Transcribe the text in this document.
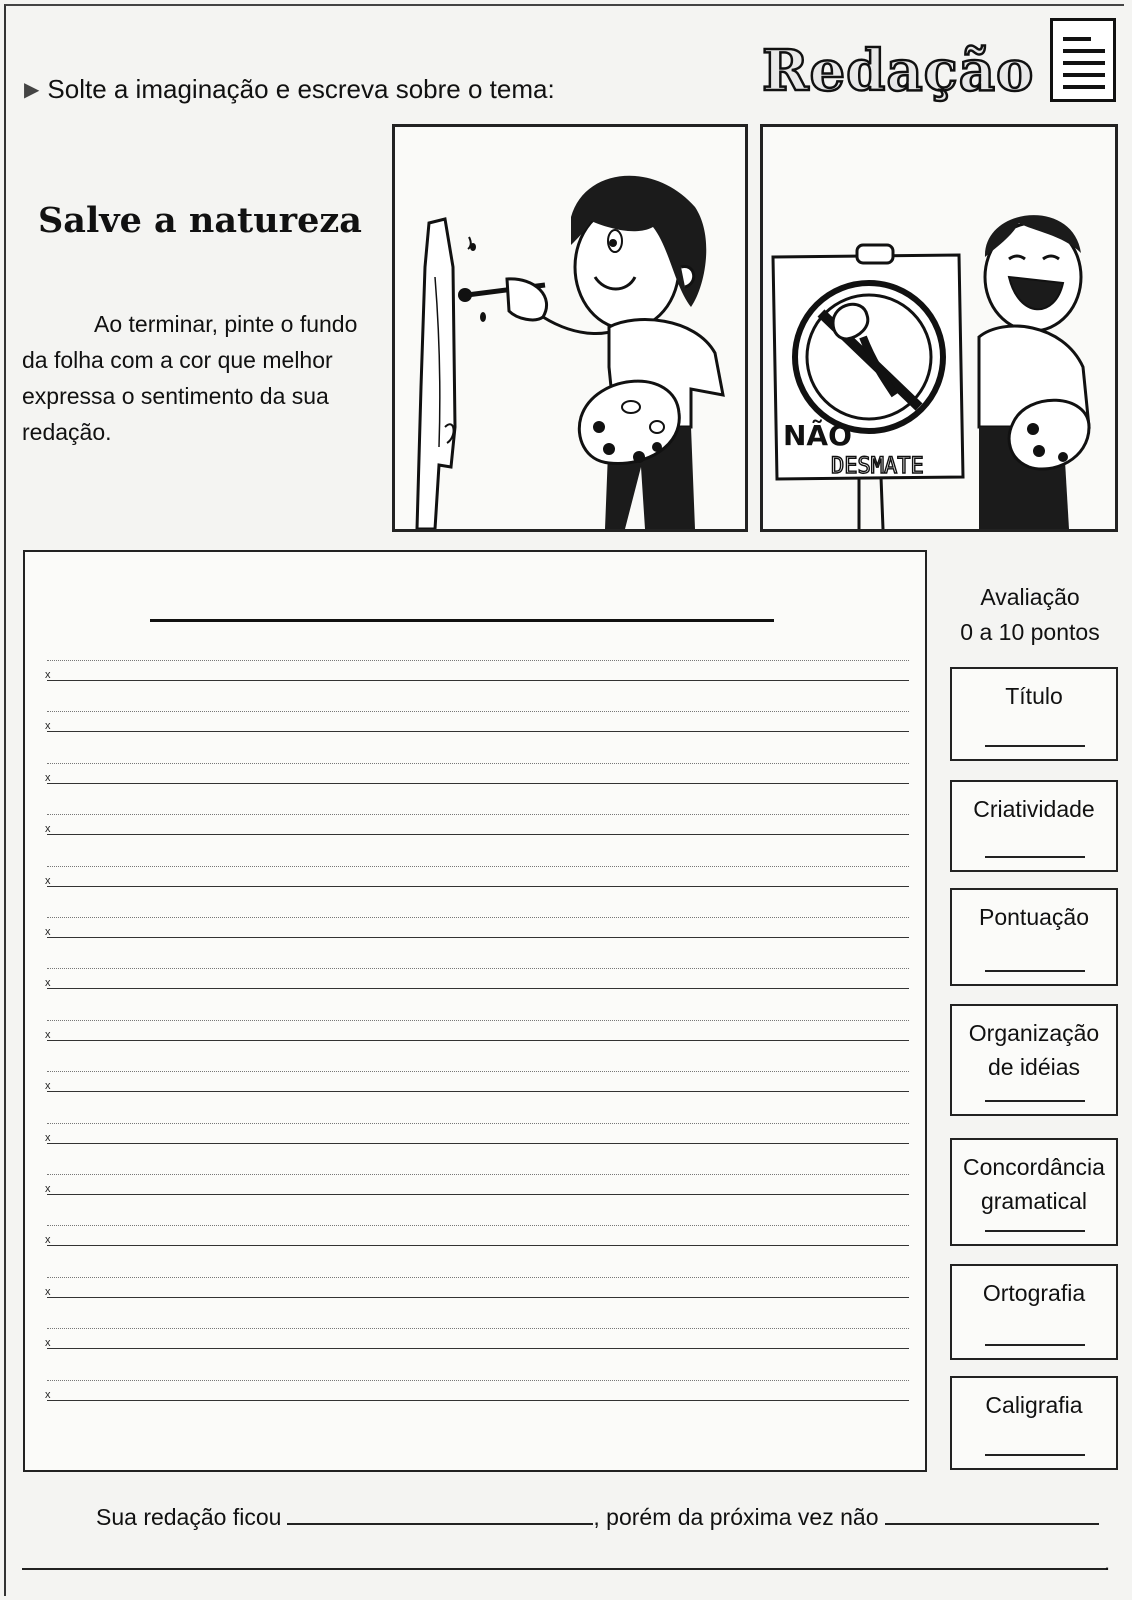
▶ Solte a imaginação e escreva sobre o tema:	Redação
Salve a natureza
Ao terminar, pinte o fundo da folha com a cor que melhor expressa o sentimento da sua redação.	NÃO
DESMATE
x
x
x
x
x
x
x
x
x
x
x
x
x
x
x
Avaliação
0 a 10 pontos
Título
Criatividade
Pontuação
Organização
de idéias
Concordância
gramatical
Ortografia
Caligrafia
Sua redação ficou	, porém da próxima vez não
.
